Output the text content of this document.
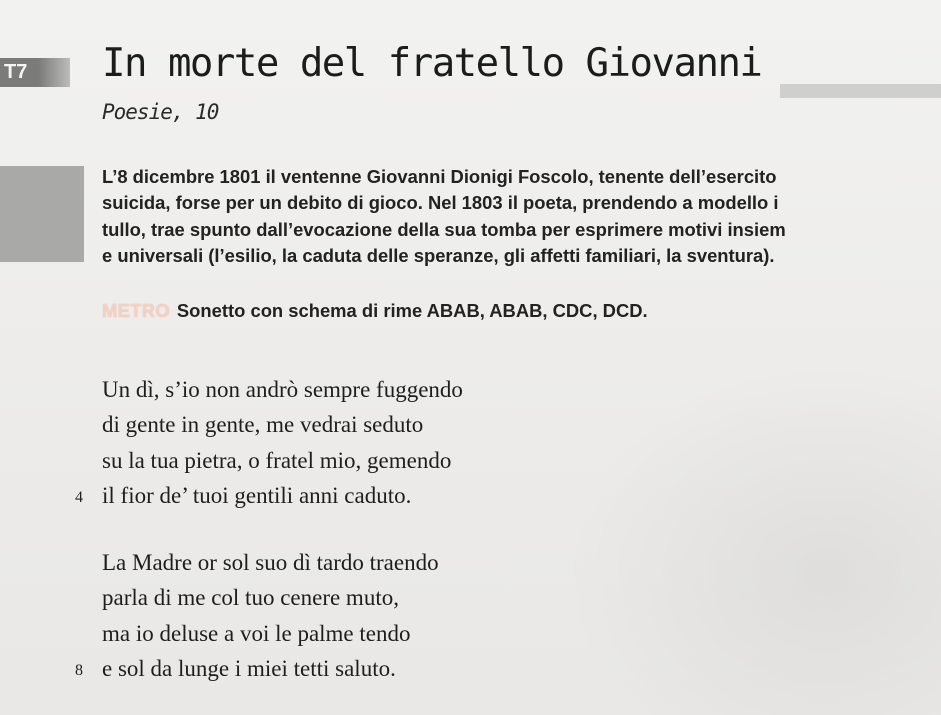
T7 In morte del fratello Giovanni
Poesie, 10
L’8 dicembre 1801 il ventenne Giovanni Dionigi Foscolo, tenente dell’esercito
suicida, forse per un debito di gioco. Nel 1803 il poeta, prendendo a modello i
tullo, trae spunto dall’evocazione della sua tomba per esprimere motivi insiem
e universali (l’esilio, la caduta delle speranze, gli affetti familiari, la sventura).
METRO Sonetto con schema di rime ABAB, ABAB, CDC, DCD.
Un dì, s’io non andrò sempre fuggendo
di gente in gente, me vedrai seduto
su la tua pietra, o fratel mio, gemendo
4 il fior de’ tuoi gentili anni caduto.
La Madre or sol suo dì tardo traendo
parla di me col tuo cenere muto,
ma io deluse a voi le palme tendo
8 e sol da lunge i miei tetti saluto.
